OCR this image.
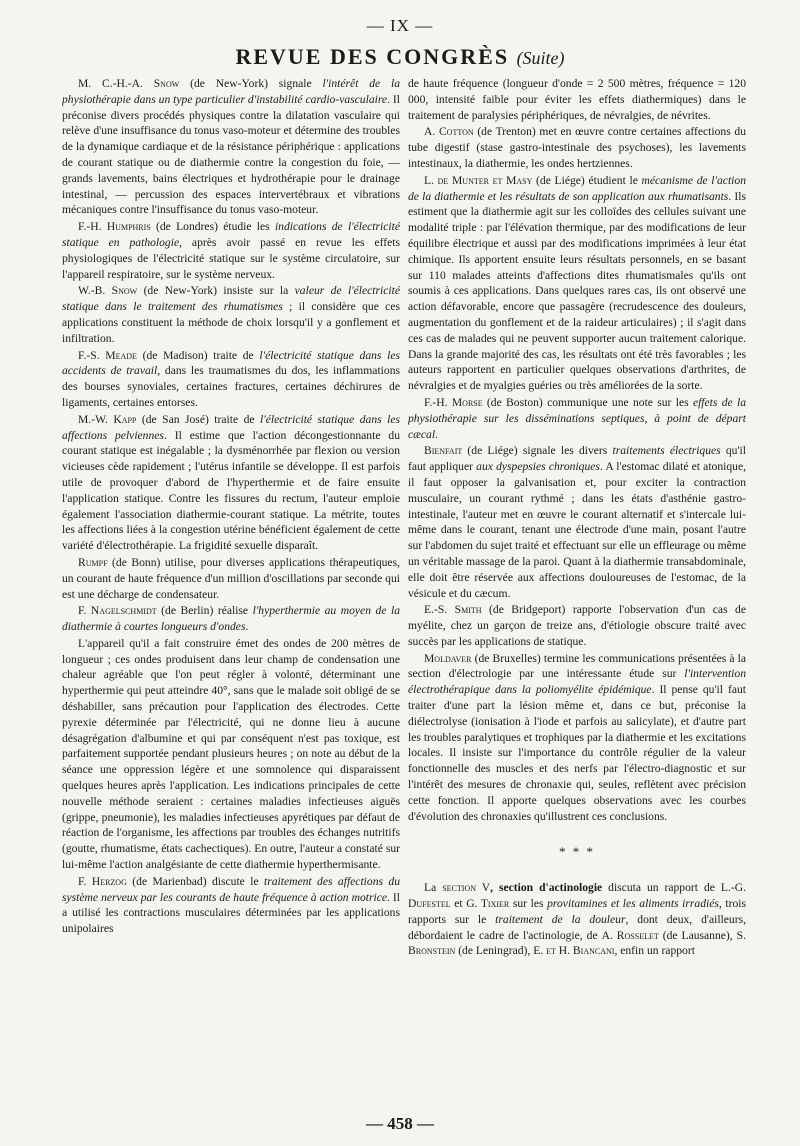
— IX —
REVUE DES CONGRÈS (Suite)

M. C.-H.-A. Snow (de New-York) signale l'intérêt de la physiothérapie dans un type particulier d'instabilité cardio-vasculaire. Il préconise divers procédés physiques contre la dilatation vasculaire qui relève d'une insuffisance du tonus vaso-moteur et détermine des troubles de la dynamique cardiaque et de la résistance périphérique : applications de courant statique ou de diathermie contre la congestion du foie, — grands lavements, bains électriques et hydrothérapie pour le drainage intestinal, — percussion des espaces intervertébraux et vibrations mécaniques contre l'insuffisance du tonus vaso-moteur.

F.-H. Humphris (de Londres) étudie les indications de l'électricité statique en pathologie, après avoir passé en revue les effets physiologiques de l'électricité statique sur le système circulatoire, sur l'appareil respiratoire, sur le système nerveux.

W.-B. Snow (de New-York) insiste sur la valeur de l'électricité statique dans le traitement des rhumatismes ; il considère que ces applications constituent la méthode de choix lorsqu'il y a gonflement et infiltration.

F.-S. Meade (de Madison) traite de l'électricité statique dans les accidents de travail, dans les traumatismes du dos, les inflammations des bourses synoviales, certaines fractures, certaines déchirures de ligaments, certaines entorses.

M.-W. Kapp (de San José) traite de l'électricité statique dans les affections pelviennes. Il estime que l'action décongestionnante du courant statique est inégalable ; la dysménorrhée par flexion ou version vicieuses cède rapidement ; l'utérus infantile se développe. Il est parfois utile de provoquer d'abord de l'hyperthermie et de faire ensuite l'application statique. Contre les fissures du rectum, l'auteur emploie également l'association diathermie-courant statique. La métrite, toutes les affections liées à la congestion utérine bénéficient également de cette variété d'électrothérapie. La frigidité sexuelle disparaît.

Rumpf (de Bonn) utilise, pour diverses applications thérapeutiques, un courant de haute fréquence d'un million d'oscillations par seconde qui est une décharge de condensateur.

F. Nagelschmidt (de Berlin) réalise l'hyperthermie au moyen de la diathermie à courtes longueurs d'ondes.

L'appareil qu'il a fait construire émet des ondes de 200 mètres de longueur ; ces ondes produisent dans leur champ de condensation une chaleur agréable que l'on peut régler à volonté, déterminant une hyperthermie qui peut atteindre 40°, sans que le malade soit obligé de se déshabiller, sans précaution pour l'application des électrodes. Cette pyrexie déterminée par l'électricité, qui ne donne lieu à aucune désagrégation d'albumine et qui par conséquent n'est pas toxique, est parfaitement supportée pendant plusieurs heures ; on note au début de la séance une oppression légère et une somnolence qui disparaissent quelques heures après l'application. Les indications principales de cette nouvelle méthode seraient : certaines maladies infectieuses aiguës (grippe, pneumonie), les maladies infectieuses apyrétiques par défaut de réaction de l'organisme, les affections par troubles des échanges nutritifs (goutte, rhumatisme, états cachectiques). En outre, l'auteur a constaté sur lui-même l'action analgésiante de cette diathermie hyperthermisante.

F. Herzog (de Marienbad) discute le traitement des affections du système nerveux par les courants de haute fréquence à action motrice. Il a utilisé les contractions musculaires déterminées par les applications unipolaires

de haute fréquence (longueur d'onde = 2 500 mètres, fréquence = 120 000, intensité faible pour éviter les effets diathermiques) dans le traitement de paralysies périphériques, de névralgies, de névrites.

A. Cotton (de Trenton) met en œuvre contre certaines affections du tube digestif (stase gastro-intestinale des psychoses), les lavements intestinaux, la diathermie, les ondes hertziennes.

L. de Munter et Masy (de Liége) étudient le mécanisme de l'action de la diathermie et les résultats de son application aux rhumatisants. Ils estiment que la diathermie agit sur les colloïdes des cellules suivant une modalité triple : par l'élévation thermique, par des modifications de leur équilibre électrique et aussi par des modifications imprimées à leur état chimique. Ils apportent ensuite leurs résultats personnels, en se basant sur 110 malades atteints d'affections dites rhumatismales qu'ils ont soumis à ces applications. Dans quelques rares cas, ils ont observé une action défavorable, encore que passagère (recrudescence des douleurs, augmentation du gonflement et de la raideur articulaires) ; il s'agit dans ces cas de malades qui ne peuvent supporter aucun traitement calorique. Dans la grande majorité des cas, les résultats ont été très favorables ; les auteurs rapportent en particulier quelques observations d'arthrites, de névralgies et de myalgies guéries ou très améliorées de la sorte.

F.-H. Morse (de Boston) communique une note sur les effets de la physiothérapie sur les disséminations septiques, à point de départ cæcal.

Bienfait (de Liége) signale les divers traitements électriques qu'il faut appliquer aux dyspepsies chroniques. A l'estomac dilaté et atonique, il faut opposer la galvanisation et, pour exciter la contraction musculaire, un courant rythmé ; dans les états d'asthénie gastro-intestinale, l'auteur met en œuvre le courant alternatif et s'intercale lui-même dans le courant, tenant une électrode d'une main, posant l'autre sur l'abdomen du sujet traité et effectuant sur elle un effleurage ou même un véritable massage de la paroi. Quant à la diathermie transabdominale, elle doit être réservée aux affections douloureuses de l'estomac, de la vésicule et du cæcum.

E.-S. Smith (de Bridgeport) rapporte l'observation d'un cas de myélite, chez un garçon de treize ans, d'étiologie obscure traité avec succès par les applications de statique.

Moldaver (de Bruxelles) termine les communications présentées à la section d'électrologie par une intéressante étude sur l'intervention électrothérapique dans la poliomyélite épidémique. Il pense qu'il faut traiter d'une part la lésion même et, dans ce but, préconise la diélectrolyse (ionisation à l'iode et parfois au salicylate), et d'autre part les troubles paralytiques et trophiques par la diathermie et les excitations locales. Il insiste sur l'importance du contrôle régulier de la valeur fonctionnelle des muscles et des nerfs par l'électro-diagnostic et sur l'intérêt des mesures de chronaxie qui, seules, reflètent avec précision cette fonction. Il apporte quelques observations avec les courbes d'évolution des chronaxies qu'illustrent ces conclusions.

* * *

La section V, section d'actinologie discuta un rapport de L.-G. Dufestel et G. Tixier sur les provitamines et les aliments irradiés, trois rapports sur le traitement de la douleur, dont deux, d'ailleurs, débordaient le cadre de l'actinologie, de A. Rosselet (de Lausanne), S. Bronstein (de Leningrad), E. et H. Biancani, enfin un rapport

— 458 —
